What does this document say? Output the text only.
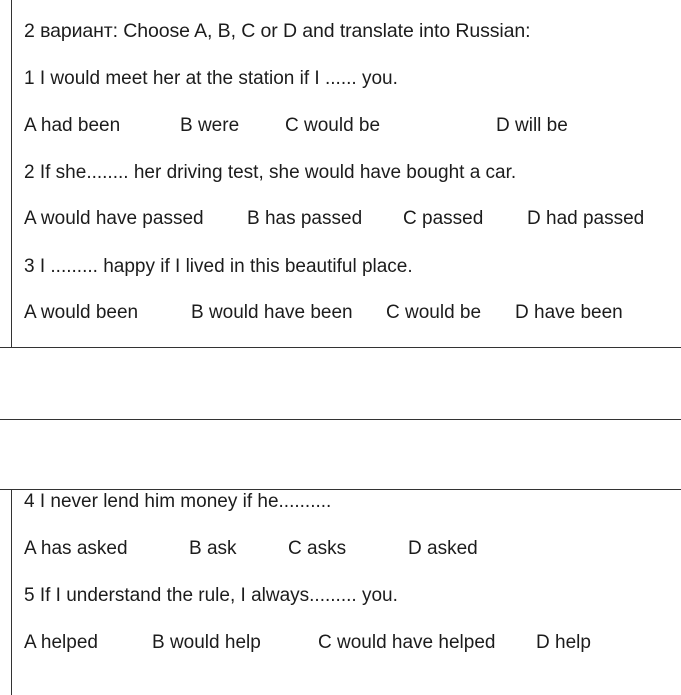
2 вариант: Choose A, B, C or D and translate into Russian:
1 I would meet her at the station if I ...... you.
A had been	B were C would be	D will be
2 If she........ her driving test, she would have bought a car.
A would have passed B has passed C passed D had passed
3 I ......... happy if I lived in this beautiful place.
A would been	B would have been C would be D have been
4 I never lend him money if he..........
A has asked	B ask	C asks	D asked
5 If I understand the rule, I always......... you.
A helped	B would help	C would have helped D help
